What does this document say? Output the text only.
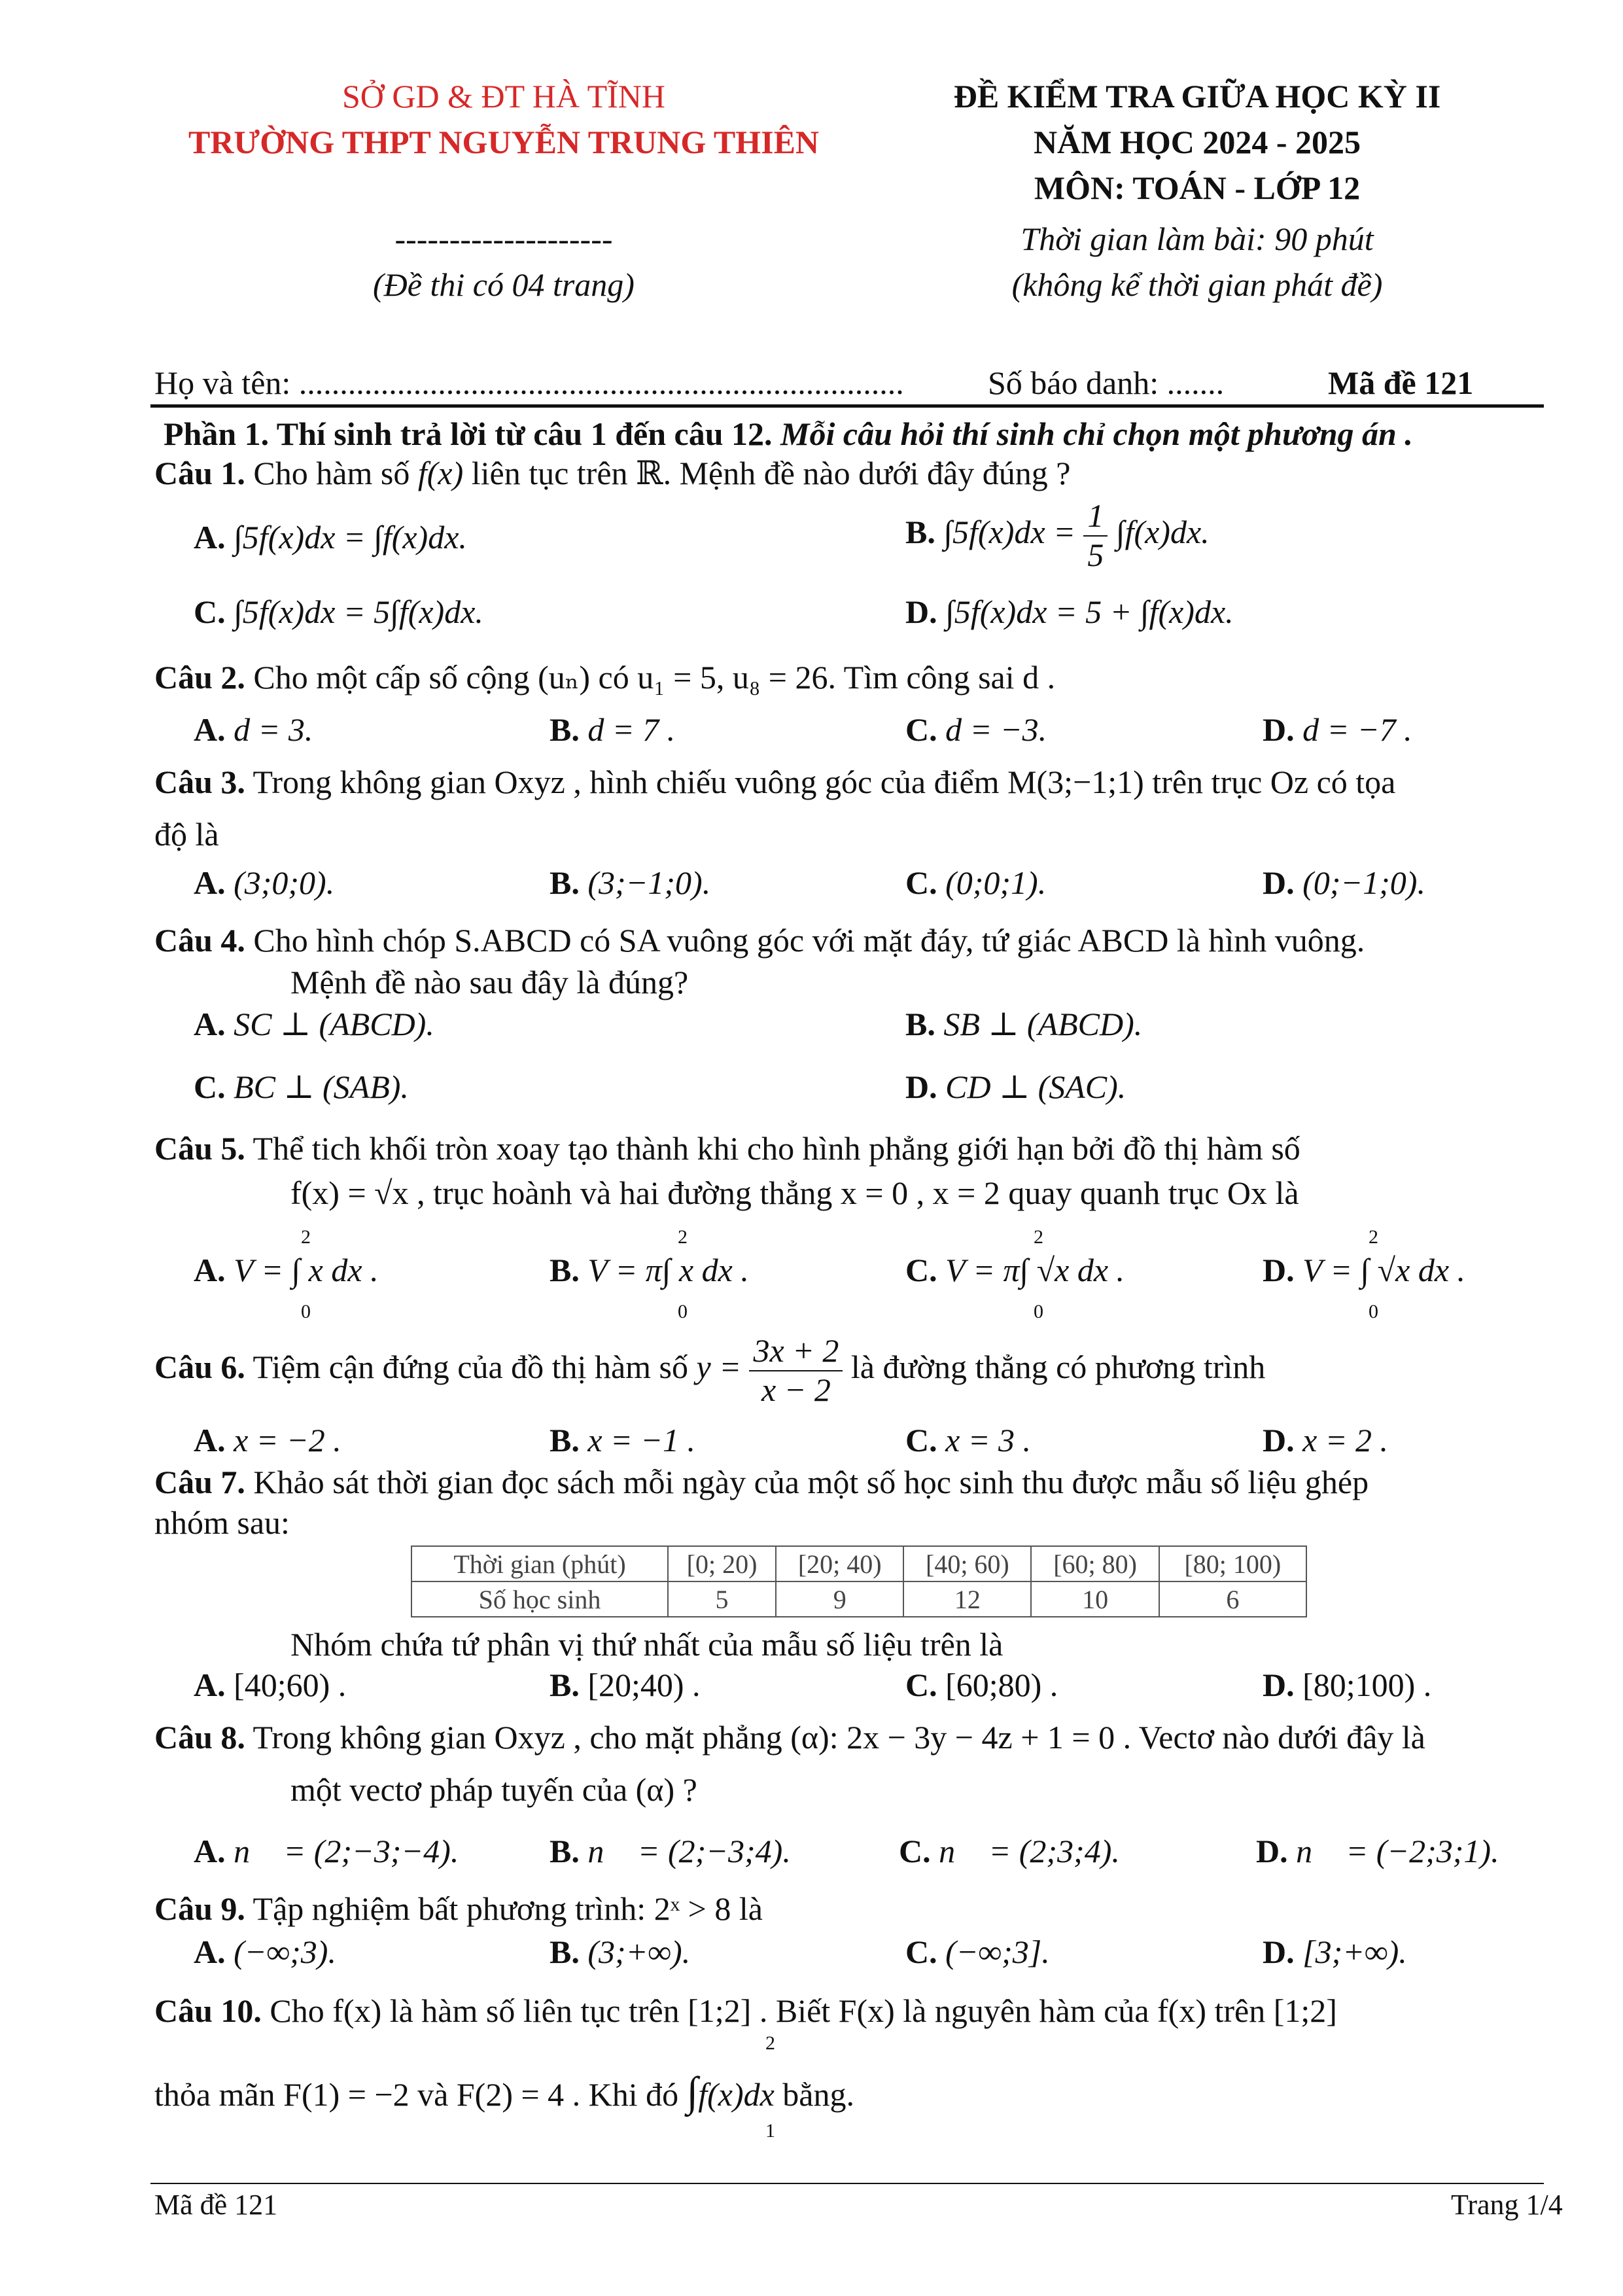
SỞ GD & ĐT HÀ TĨNH
TRƯỜNG THPT NGUYỄN TRUNG THIÊN
--------------------
(Đề thi có 04 trang)
ĐỀ KIỂM TRA GIỮA HỌC KỲ II
NĂM HỌC 2024 - 2025
MÔN: TOÁN - LỚP 12
Thời gian làm bài: 90 phút
(không kể thời gian phát đề)
Họ và tên: ..........................................................................	Số báo danh: .......	Mã đề 121
Phần 1. Thí sinh trả lời từ câu 1 đến câu 12. Mỗi câu hỏi thí sinh chỉ chọn một phương án .
Câu 1. Cho hàm số f(x) liên tục trên ℝ. Mệnh đề nào dưới đây đúng ?
A. ∫5f(x)dx = ∫f(x)dx.	B. $\int 5f(x)dx = \frac{1}{5} \int f(x)dx$.
C. ∫5f(x)dx = 5∫f(x)dx.	D. ∫5f(x)dx = 5 + ∫f(x)dx.
Câu 2. Cho một cấp số cộng (uₙ) có u₁ = 5, u₈ = 26. Tìm công sai d .
A. d = 3.	B. d = 7 .	C. d = −3.	D. d = −7 .
Câu 3. Trong không gian Oxyz , hình chiếu vuông góc của điểm M(3;−1;1) trên trục Oz có tọa
độ là
A. (3;0;0).	B. (3;−1;0).	C. (0;0;1).	D. (0;−1;0).
Câu 4. Cho hình chóp S.ABCD có SA vuông góc với mặt đáy, tứ giác ABCD là hình vuông.
Mệnh đề nào sau đây là đúng?
A. SC ⊥ (ABCD).	B. SB ⊥ (ABCD).
C. BC ⊥ (SAB).	D. CD ⊥ (SAC).
Câu 5. Thể tich khối tròn xoay tạo thành khi cho hình phẳng giới hạn bởi đồ thị hàm số
f(x) = √x , trục hoành và hai đường thẳng x = 0 , x = 2 quay quanh trục Ox là
A. V = ∫ x dx .	B. V = π∫ x dx .	C. V = π∫ √x dx .	D. V = ∫ √x dx .
2
0
2
0
2
0
2
0
Câu 6. Tiệm cận đứng của đồ thị hàm số $y = \frac{3x + 2}{x - 2}$ là đường thẳng có phương trình
A. x = −2 .	B. x = −1 .	C. x = 3 .	D. x = 2 .
Câu 7. Khảo sát thời gian đọc sách mỗi ngày của một số học sinh thu được mẫu số liệu ghép
nhóm sau:
Thời gian (phút)	[0; 20)	[20; 40)	[40; 60)	[60; 80)	[80; 100)
Số học sinh	5	9	12	10	6
Nhóm chứa tứ phân vị thứ nhất của mẫu số liệu trên là
A. [40;60) .	B. [20;40) .	C. [60;80) .	D. [80;100) .
Câu 8. Trong không gian Oxyz , cho mặt phẳng (α): 2x − 3y − 4z + 1 = 0 . Vectơ nào dưới đây là
một vectơ pháp tuyến của (α) ?
A. n⃗ = (2;−3;−4).	B. n⃗ = (2;−3;4).	C. n⃗ = (2;3;4).	D. n⃗ = (−2;3;1).
Câu 9. Tập nghiệm bất phương trình: 2ˣ > 8 là
A. (−∞;3).	B. (3;+∞).	C. (−∞;3].	D. [3;+∞).
Câu 10. Cho f(x) là hàm số liên tục trên [1;2] . Biết F(x) là nguyên hàm của f(x) trên [1;2]
thỏa mãn F(1) = −2 và F(2) = 4 . Khi đó ∫f(x)dx bằng.
2
1
Mã đề 121	Trang 1/4
